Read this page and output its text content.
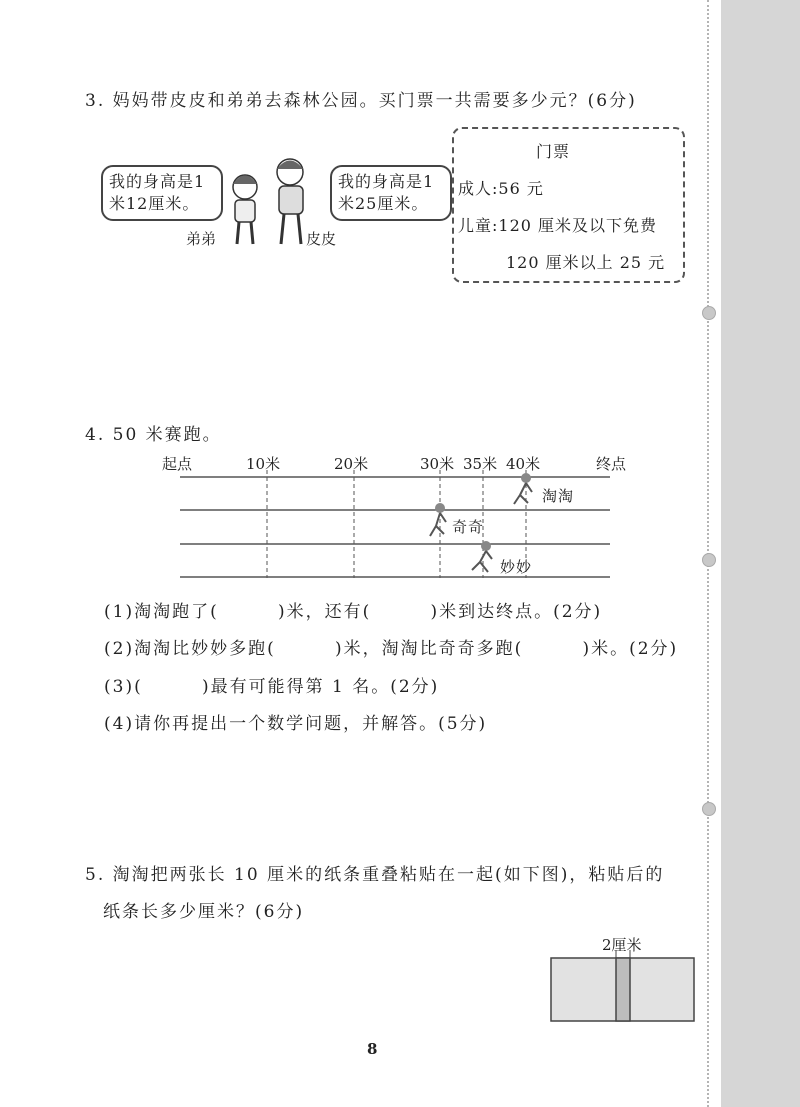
3. 妈妈带皮皮和弟弟去森林公园。买门票一共需要多少元？(6分)
我的身高是1
米12厘米。
我的身高是1
米25厘米。
弟弟	皮皮
门票
成人:56 元
儿童:120 厘米及以下免费
120 厘米以上 25 元
4. 50 米赛跑。
起点	10米	20米	30米 35米 40米	终点
淘淘
奇奇
妙妙
(1)淘淘跑了(        )米，还有(        )米到达终点。(2分)
(2)淘淘比妙妙多跑(        )米，淘淘比奇奇多跑(        )米。(2分)
(3)(        )最有可能得第 1 名。(2分)
(4)请你再提出一个数学问题，并解答。(5分)
5. 淘淘把两张长 10 厘米的纸条重叠粘贴在一起(如下图)，粘贴后的
纸条长多少厘米？(6分)
2厘米
8
